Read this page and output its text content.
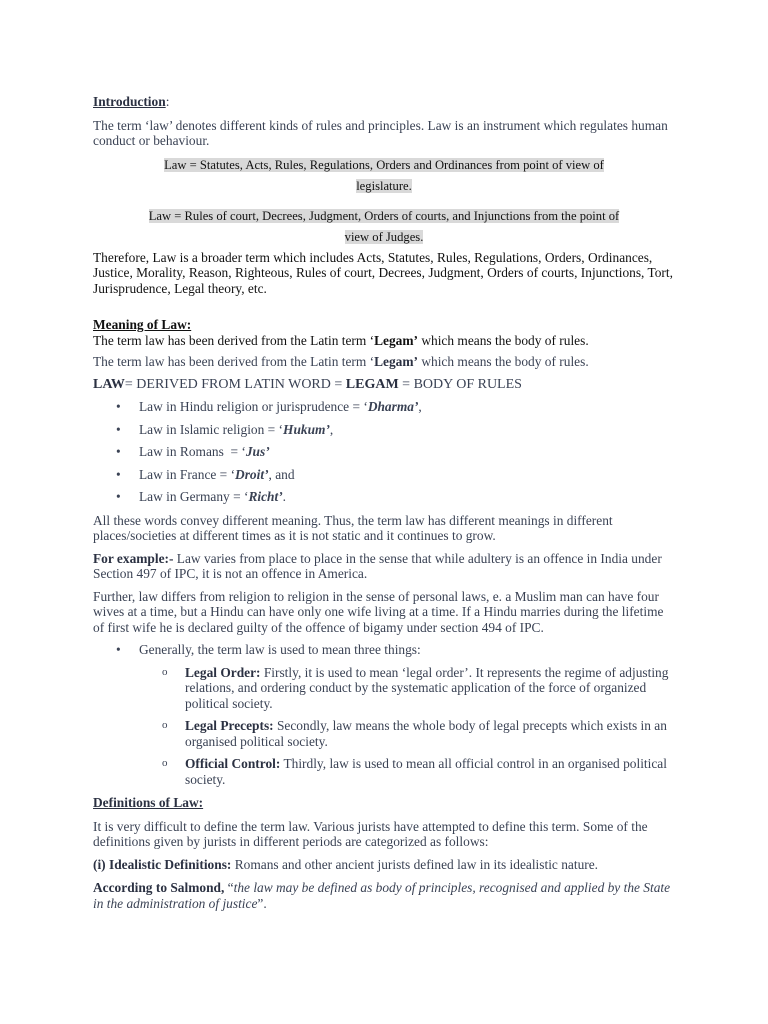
Introduction:

The term ‘law’ denotes different kinds of rules and principles. Law is an instrument which regulates human conduct or behaviour.

Law = Statutes, Acts, Rules, Regulations, Orders and Ordinances from point of view of
legislature.
Law = Rules of court, Decrees, Judgment, Orders of courts, and Injunctions from the point of
view of Judges.

Therefore, Law is a broader term which includes Acts, Statutes, Rules, Regulations, Orders, Ordinances, Justice, Morality, Reason, Righteous, Rules of court, Decrees, Judgment, Orders of courts, Injunctions, Tort, Jurisprudence, Legal theory, etc.

Meaning of Law:

The term law has been derived from the Latin term ‘Legam’ which means the body of rules.

The term law has been derived from the Latin term ‘Legam’ which means the body of rules.

LAW= DERIVED FROM LATIN WORD = LEGAM = BODY OF RULES

• Law in Hindu religion or jurisprudence = ‘Dharma’,
• Law in Islamic religion = ‘Hukum’,
• Law in Romans  = ‘Jus’
• Law in France = ‘Droit’, and
• Law in Germany = ‘Richt’.

All these words convey different meaning. Thus, the term law has different meanings in different places/societies at different times as it is not static and it continues to grow.

For example:- Law varies from place to place in the sense that while adultery is an offence in India under Section 497 of IPC, it is not an offence in America.

Further, law differs from religion to religion in the sense of personal laws, e. a Muslim man can have four wives at a time, but a Hindu can have only one wife living at a time. If a Hindu marries during the lifetime of first wife he is declared guilty of the offence of bigamy under section 494 of IPC.

• Generally, the term law is used to mean three things:
o Legal Order: Firstly, it is used to mean ‘legal order’. It represents the regime of adjusting relations, and ordering conduct by the systematic application of the force of organized political society.
o Legal Precepts: Secondly, law means the whole body of legal precepts which exists in an organised political society.
o Official Control: Thirdly, law is used to mean all official control in an organised political society.

Definitions of Law:

It is very difficult to define the term law. Various jurists have attempted to define this term. Some of the definitions given by jurists in different periods are categorized as follows:

(i) Idealistic Definitions: Romans and other ancient jurists defined law in its idealistic nature.

According to Salmond, “the law may be defined as body of principles, recognised and applied by the State in the administration of justice”.
